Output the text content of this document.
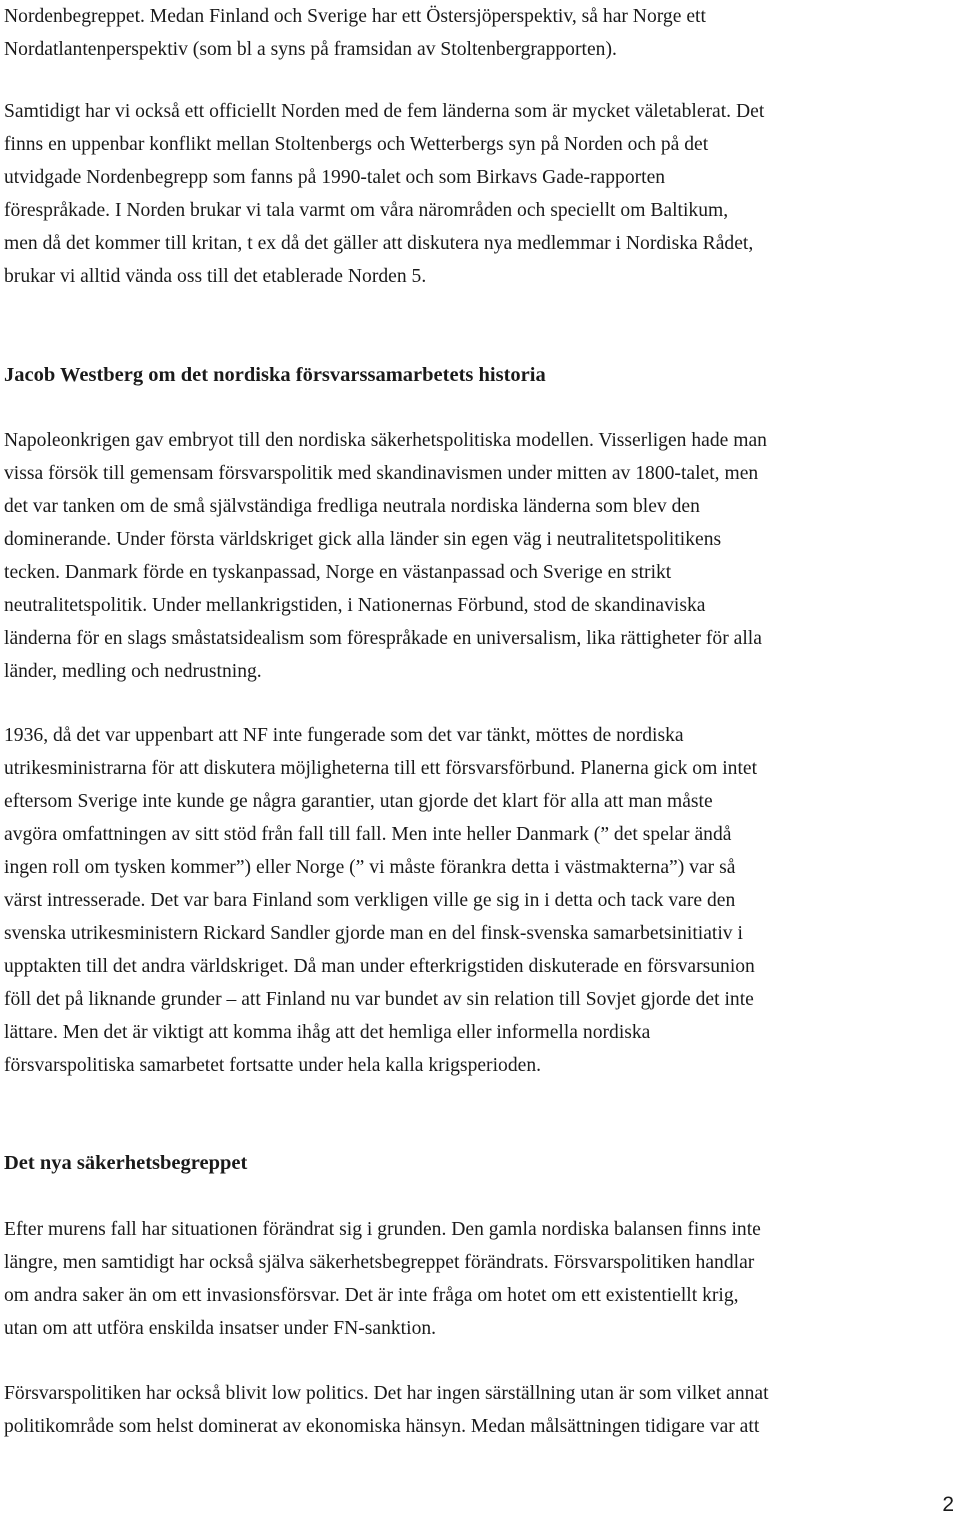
Nordenbegreppet. Medan Finland och Sverige har ett Östersjöperspektiv, så har Norge ett
Nordatlantenperspektiv (som bl a syns på framsidan av Stoltenbergrapporten).

Samtidigt har vi också ett officiellt Norden med de fem länderna som är mycket väletablerat. Det
finns en uppenbar konflikt mellan Stoltenbergs och Wetterbergs syn på Norden och på det
utvidgade Nordenbegrepp som fanns på 1990-talet och som Birkavs Gade-rapporten
förespråkade. I Norden brukar vi tala varmt om våra närområden och speciellt om Baltikum,
men då det kommer till kritan, t ex då det gäller att diskutera nya medlemmar i Nordiska Rådet,
brukar vi alltid vända oss till det etablerade Norden 5.

Jacob Westberg om det nordiska försvarssamarbetets historia

Napoleonkrigen gav embryot till den nordiska säkerhetspolitiska modellen. Visserligen hade man
vissa försök till gemensam försvarspolitik med skandinavismen under mitten av 1800-talet, men
det var tanken om de små självständiga fredliga neutrala nordiska länderna som blev den
dominerande. Under första världskriget gick alla länder sin egen väg i neutralitetspolitikens
tecken. Danmark förde en tyskanpassad, Norge en västanpassad och Sverige en strikt
neutralitetspolitik. Under mellankrigstiden, i Nationernas Förbund, stod de skandinaviska
länderna för en slags småstatsidealism som förespråkade en universalism, lika rättigheter för alla
länder, medling och nedrustning.

1936, då det var uppenbart att NF inte fungerade som det var tänkt, möttes de nordiska
utrikesministrarna för att diskutera möjligheterna till ett försvarsförbund. Planerna gick om intet
eftersom Sverige inte kunde ge några garantier, utan gjorde det klart för alla att man måste
avgöra omfattningen av sitt stöd från fall till fall. Men inte heller Danmark (” det spelar ändå
ingen roll om tysken kommer”) eller Norge (” vi måste förankra detta i västmakterna”) var så
värst intresserade. Det var bara Finland som verkligen ville ge sig in i detta och tack vare den
svenska utrikesministern Rickard Sandler gjorde man en del finsk-svenska samarbetsinitiativ i
upptakten till det andra världskriget. Då man under efterkrigstiden diskuterade en försvarsunion
föll det på liknande grunder – att Finland nu var bundet av sin relation till Sovjet gjorde det inte
lättare. Men det är viktigt att komma ihåg att det hemliga eller informella nordiska
försvarspolitiska samarbetet fortsatte under hela kalla krigsperioden.

Det nya säkerhetsbegreppet

Efter murens fall har situationen förändrat sig i grunden. Den gamla nordiska balansen finns inte
längre, men samtidigt har också själva säkerhetsbegreppet förändrats. Försvarspolitiken handlar
om andra saker än om ett invasionsförsvar. Det är inte fråga om hotet om ett existentiellt krig,
utan om att utföra enskilda insatser under FN-sanktion.

Försvarspolitiken har också blivit low politics. Det har ingen särställning utan är som vilket annat
politikområde som helst dominerat av ekonomiska hänsyn. Medan målsättningen tidigare var att

2
